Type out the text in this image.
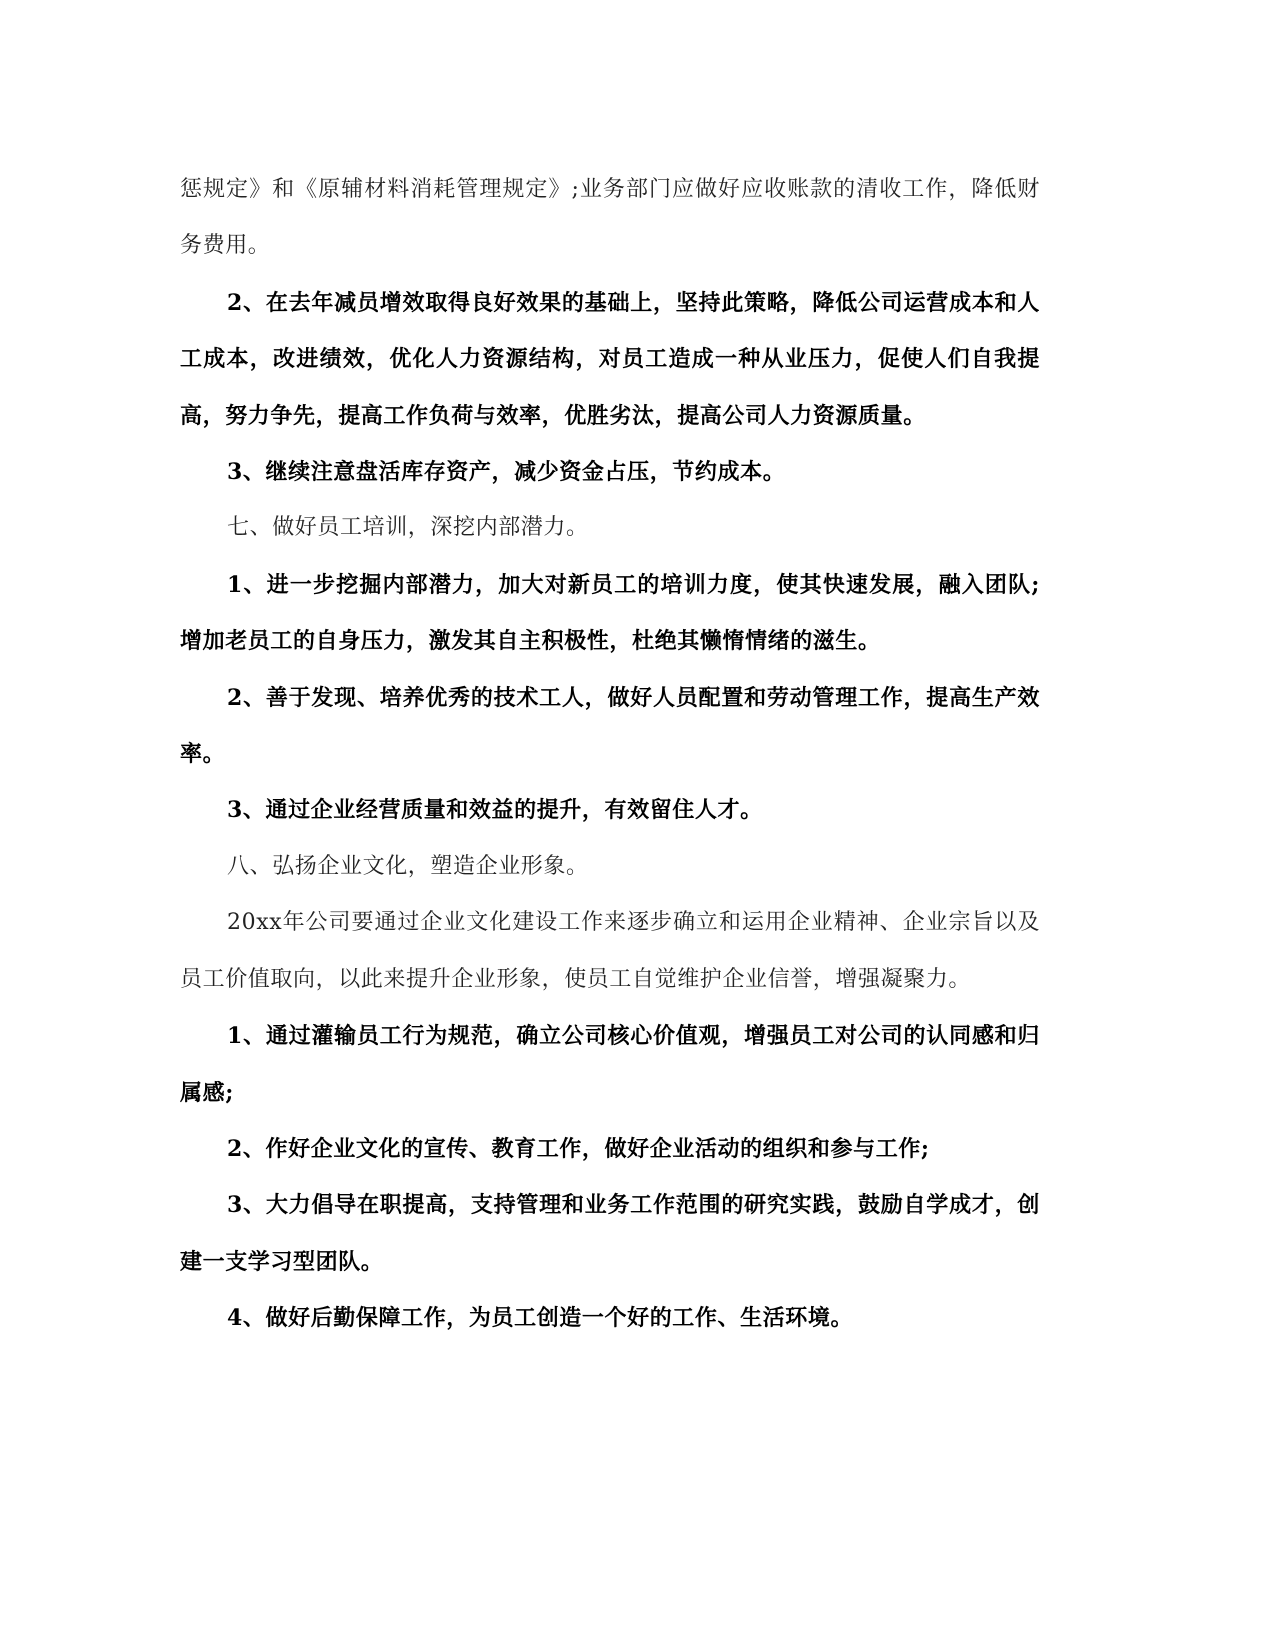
惩规定》和《原辅材料消耗管理规定》;业务部门应做好应收账款的清收工作，降低财务费用。

2、在去年减员增效取得良好效果的基础上，坚持此策略，降低公司运营成本和人工成本，改进绩效，优化人力资源结构，对员工造成一种从业压力，促使人们自我提高，努力争先，提高工作负荷与效率，优胜劣汰，提高公司人力资源质量。

3、继续注意盘活库存资产，减少资金占压，节约成本。

七、做好员工培训，深挖内部潜力。

1、进一步挖掘内部潜力，加大对新员工的培训力度，使其快速发展，融入团队;增加老员工的自身压力，激发其自主积极性，杜绝其懒惰情绪的滋生。

2、善于发现、培养优秀的技术工人，做好人员配置和劳动管理工作，提高生产效率。

3、通过企业经营质量和效益的提升，有效留住人才。

八、弘扬企业文化，塑造企业形象。

20xx年公司要通过企业文化建设工作来逐步确立和运用企业精神、企业宗旨以及员工价值取向，以此来提升企业形象，使员工自觉维护企业信誉，增强凝聚力。

1、通过灌输员工行为规范，确立公司核心价值观，增强员工对公司的认同感和归属感;

2、作好企业文化的宣传、教育工作，做好企业活动的组织和参与工作;

3、大力倡导在职提高，支持管理和业务工作范围的研究实践，鼓励自学成才，创建一支学习型团队。

4、做好后勤保障工作，为员工创造一个好的工作、生活环境。
